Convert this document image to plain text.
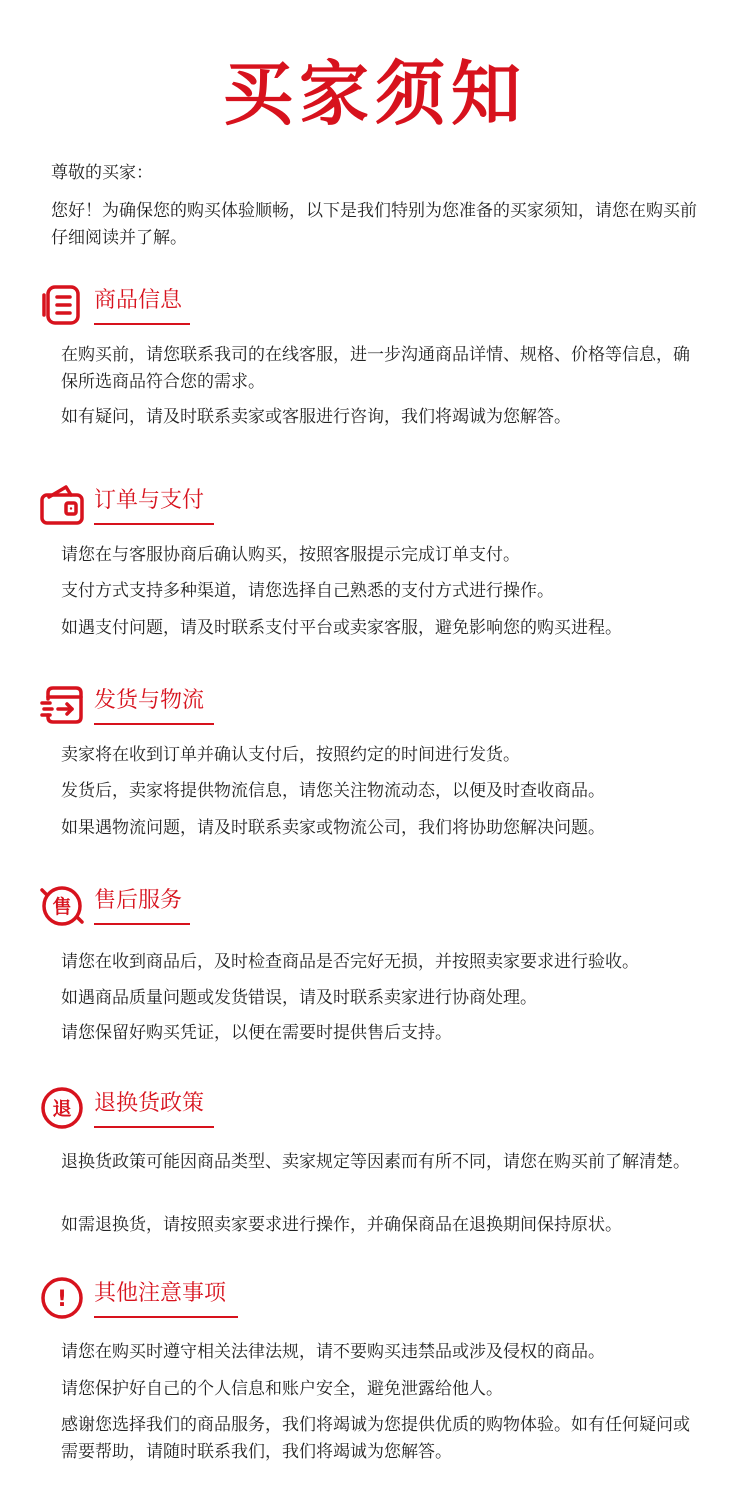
买家须知
尊敬的买家：
您好！为确保您的购买体验顺畅，以下是我们特别为您准备的买家须知，请您在购买前仔细阅读并了解。
商品信息
在购买前，请您联系我司的在线客服，进一步沟通商品详情、规格、价格等信息，确保所选商品符合您的需求。
如有疑问，请及时联系卖家或客服进行咨询，我们将竭诚为您解答。
订单与支付
请您在与客服协商后确认购买，按照客服提示完成订单支付。
支付方式支持多种渠道，请您选择自己熟悉的支付方式进行操作。
如遇支付问题，请及时联系支付平台或卖家客服，避免影响您的购买进程。
发货与物流
卖家将在收到订单并确认支付后，按照约定的时间进行发货。
发货后，卖家将提供物流信息，请您关注物流动态，以便及时查收商品。
如果遇物流问题，请及时联系卖家或物流公司，我们将协助您解决问题。
售 售后服务
请您在收到商品后，及时检查商品是否完好无损，并按照卖家要求进行验收。
如遇商品质量问题或发货错误，请及时联系卖家进行协商处理。
请您保留好购买凭证，以便在需要时提供售后支持。
退 退换货政策
退换货政策可能因商品类型、卖家规定等因素而有所不同，请您在购买前了解清楚。
如需退换货，请按照卖家要求进行操作，并确保商品在退换期间保持原状。
! 其他注意事项
请您在购买时遵守相关法律法规，请不要购买违禁品或涉及侵权的商品。
请您保护好自己的个人信息和账户安全，避免泄露给他人。
感谢您选择我们的商品服务，我们将竭诚为您提供优质的购物体验。如有任何疑问或需要帮助，请随时联系我们，我们将竭诚为您解答。
